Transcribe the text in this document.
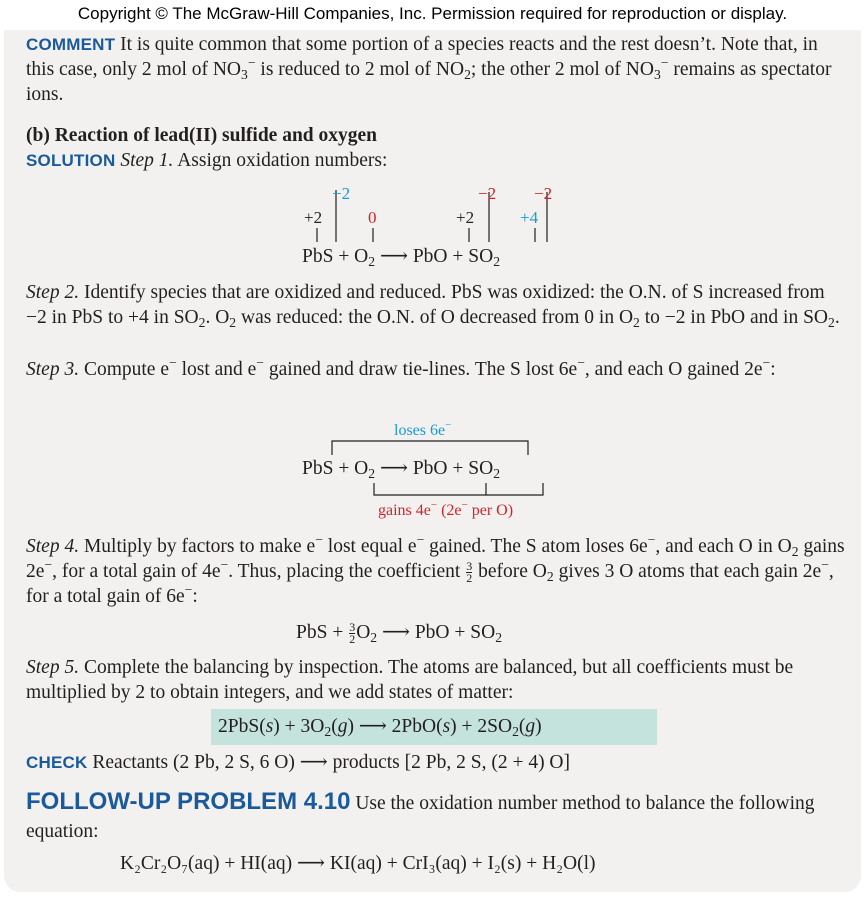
Copyright © The McGraw-Hill Companies, Inc. Permission required for reproduction or display.

COMMENT It is quite common that some portion of a species reacts and the rest doesn’t. Note that, in this case, only 2 mol of $NO_3^-$ is reduced to 2 mol of $NO_2$; the other 2 mol of $NO_3^-$ remains as spectator ions.

(b) Reaction of lead(II) sulfide and oxygen

SOLUTION Step 1. Assign oxidation numbers:

+2
−2
0	+2
−2
+4
−2
PbS + $O_2$ ⟶ PbO + $SO_2$

Step 2. Identify species that are oxidized and reduced. PbS was oxidized: the O.N. of S increased from −2 in PbS to +4 in $SO_2$. $O_2$ was reduced: the O.N. of O decreased from 0 in $O_2$ to −2 in PbO and in $SO_2$.

Step 3. Compute e− lost and e− gained and draw tie-lines. The S lost 6e−, and each O gained 2e−:

loses 6e−
gains 4e− (2e− per O)
PbS + $O_2$ ⟶ PbO + $SO_2$

Step 4. Multiply by factors to make e− lost equal e− gained. The S atom loses 6e−, and each O in $O_2$ gains 2e−, for a total gain of 4e−. Thus, placing the coefficient $\frac{3}{2}$ before $O_2$ gives 3 O atoms that each gain 2e−, for a total gain of 6e−:

PbS + $\frac{3}{2} O_2$ ⟶ PbO + $SO_2$

Step 5. Complete the balancing by inspection. The atoms are balanced, but all coefficients must be multiplied by 2 to obtain integers, and we add states of matter:

$2PbS(s) + 3O_2(g)$ ⟶ $2PbO(s) + 2SO_2(g)$

CHECK Reactants (2 Pb, 2 S, 6 O) ⟶ products [2 Pb, 2 S, (2 + 4) O]

FOLLOW-UP PROBLEM 4.10 Use the oxidation number method to balance the following equation:

K₂Cr₂O₇(aq) + HI(aq) ⟶ KI(aq) + CrI₃(aq) + I₂(s) + H₂O(l)
